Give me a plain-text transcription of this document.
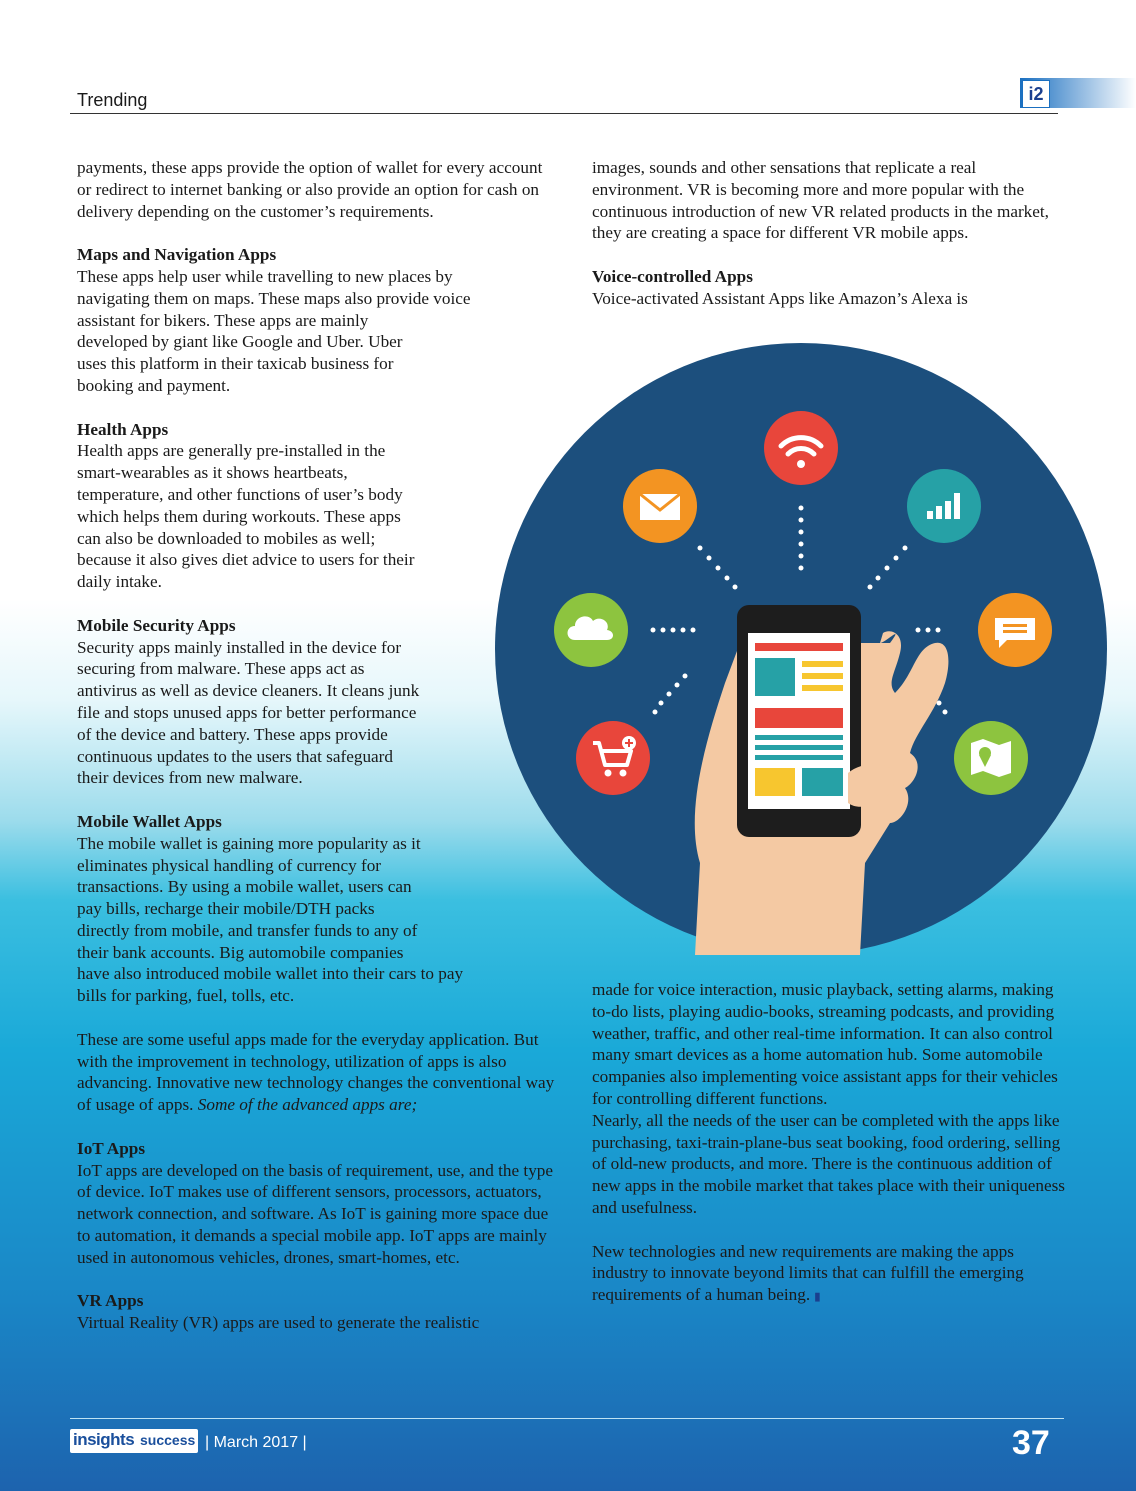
Trending	i2

payments, these apps provide the option of wallet for every account or redirect to internet banking or also provide an option for cash on delivery depending on the customer’s requirements.

Maps and Navigation Apps
These apps help user while travelling to new places by
navigating them on maps. These maps also provide voice
assistant for bikers. These apps are mainly
developed by giant like Google and Uber. Uber
uses this platform in their taxicab business for
booking and payment.
Health Apps
Health apps are generally pre-installed in the
smart-wearables as it shows heartbeats,
temperature, and other functions of user’s body
which helps them during workouts. These apps
can also be downloaded to mobiles as well;
because it also gives diet advice to users for their
daily intake.
Mobile Security Apps
Security apps mainly installed in the device for
securing from malware. These apps act as
antivirus as well as device cleaners. It cleans junk
file and stops unused apps for better performance
of the device and battery. These apps provide
continuous updates to the users that safeguard
their devices from new malware.
Mobile Wallet Apps
The mobile wallet is gaining more popularity as it
eliminates physical handling of currency for
transactions. By using a mobile wallet, users can
pay bills, recharge their mobile/DTH packs
directly from mobile, and transfer funds to any of
their bank accounts. Big automobile companies
have also introduced mobile wallet into their cars to pay
bills for parking, fuel, tolls, etc.

These are some useful apps made for the everyday application. But with the improvement in technology, utilization of apps is also advancing. Innovative new technology changes the conventional way of usage of apps. Some of the advanced apps are;

IoT Apps

IoT apps are developed on the basis of requirement, use, and the type of device. IoT makes use of different sensors, processors, actuators, network connection, and software. As IoT is gaining more space due to automation, it demands a special mobile app. IoT apps are mainly used in autonomous vehicles, drones, smart-homes, etc.

VR Apps

Virtual Reality (VR) apps are used to generate the realistic

images, sounds and other sensations that replicate a real environment. VR is becoming more and more popular with the continuous introduction of new VR related products in the market, they are creating a space for different VR mobile apps.

Voice-controlled Apps

Voice-activated Assistant Apps like Amazon’s Alexa is

made for voice interaction, music playback, setting alarms, making to-do lists, playing audio-books, streaming podcasts, and providing weather, traffic, and other real-time information. It can also control many smart devices as a home automation hub. Some automobile companies also implementing voice assistant apps for their vehicles for controlling different functions.

Nearly, all the needs of the user can be completed with the apps like purchasing, taxi-train-plane-bus seat booking, food ordering, selling of old-new products, and more. There is the continuous addition of new apps in the mobile market that takes place with their uniqueness and usefulness.

New technologies and new requirements are making the apps industry to innovate beyond limits that can fulfill the emerging requirements of a human being. ▮

insights success | March 2017 |	37
